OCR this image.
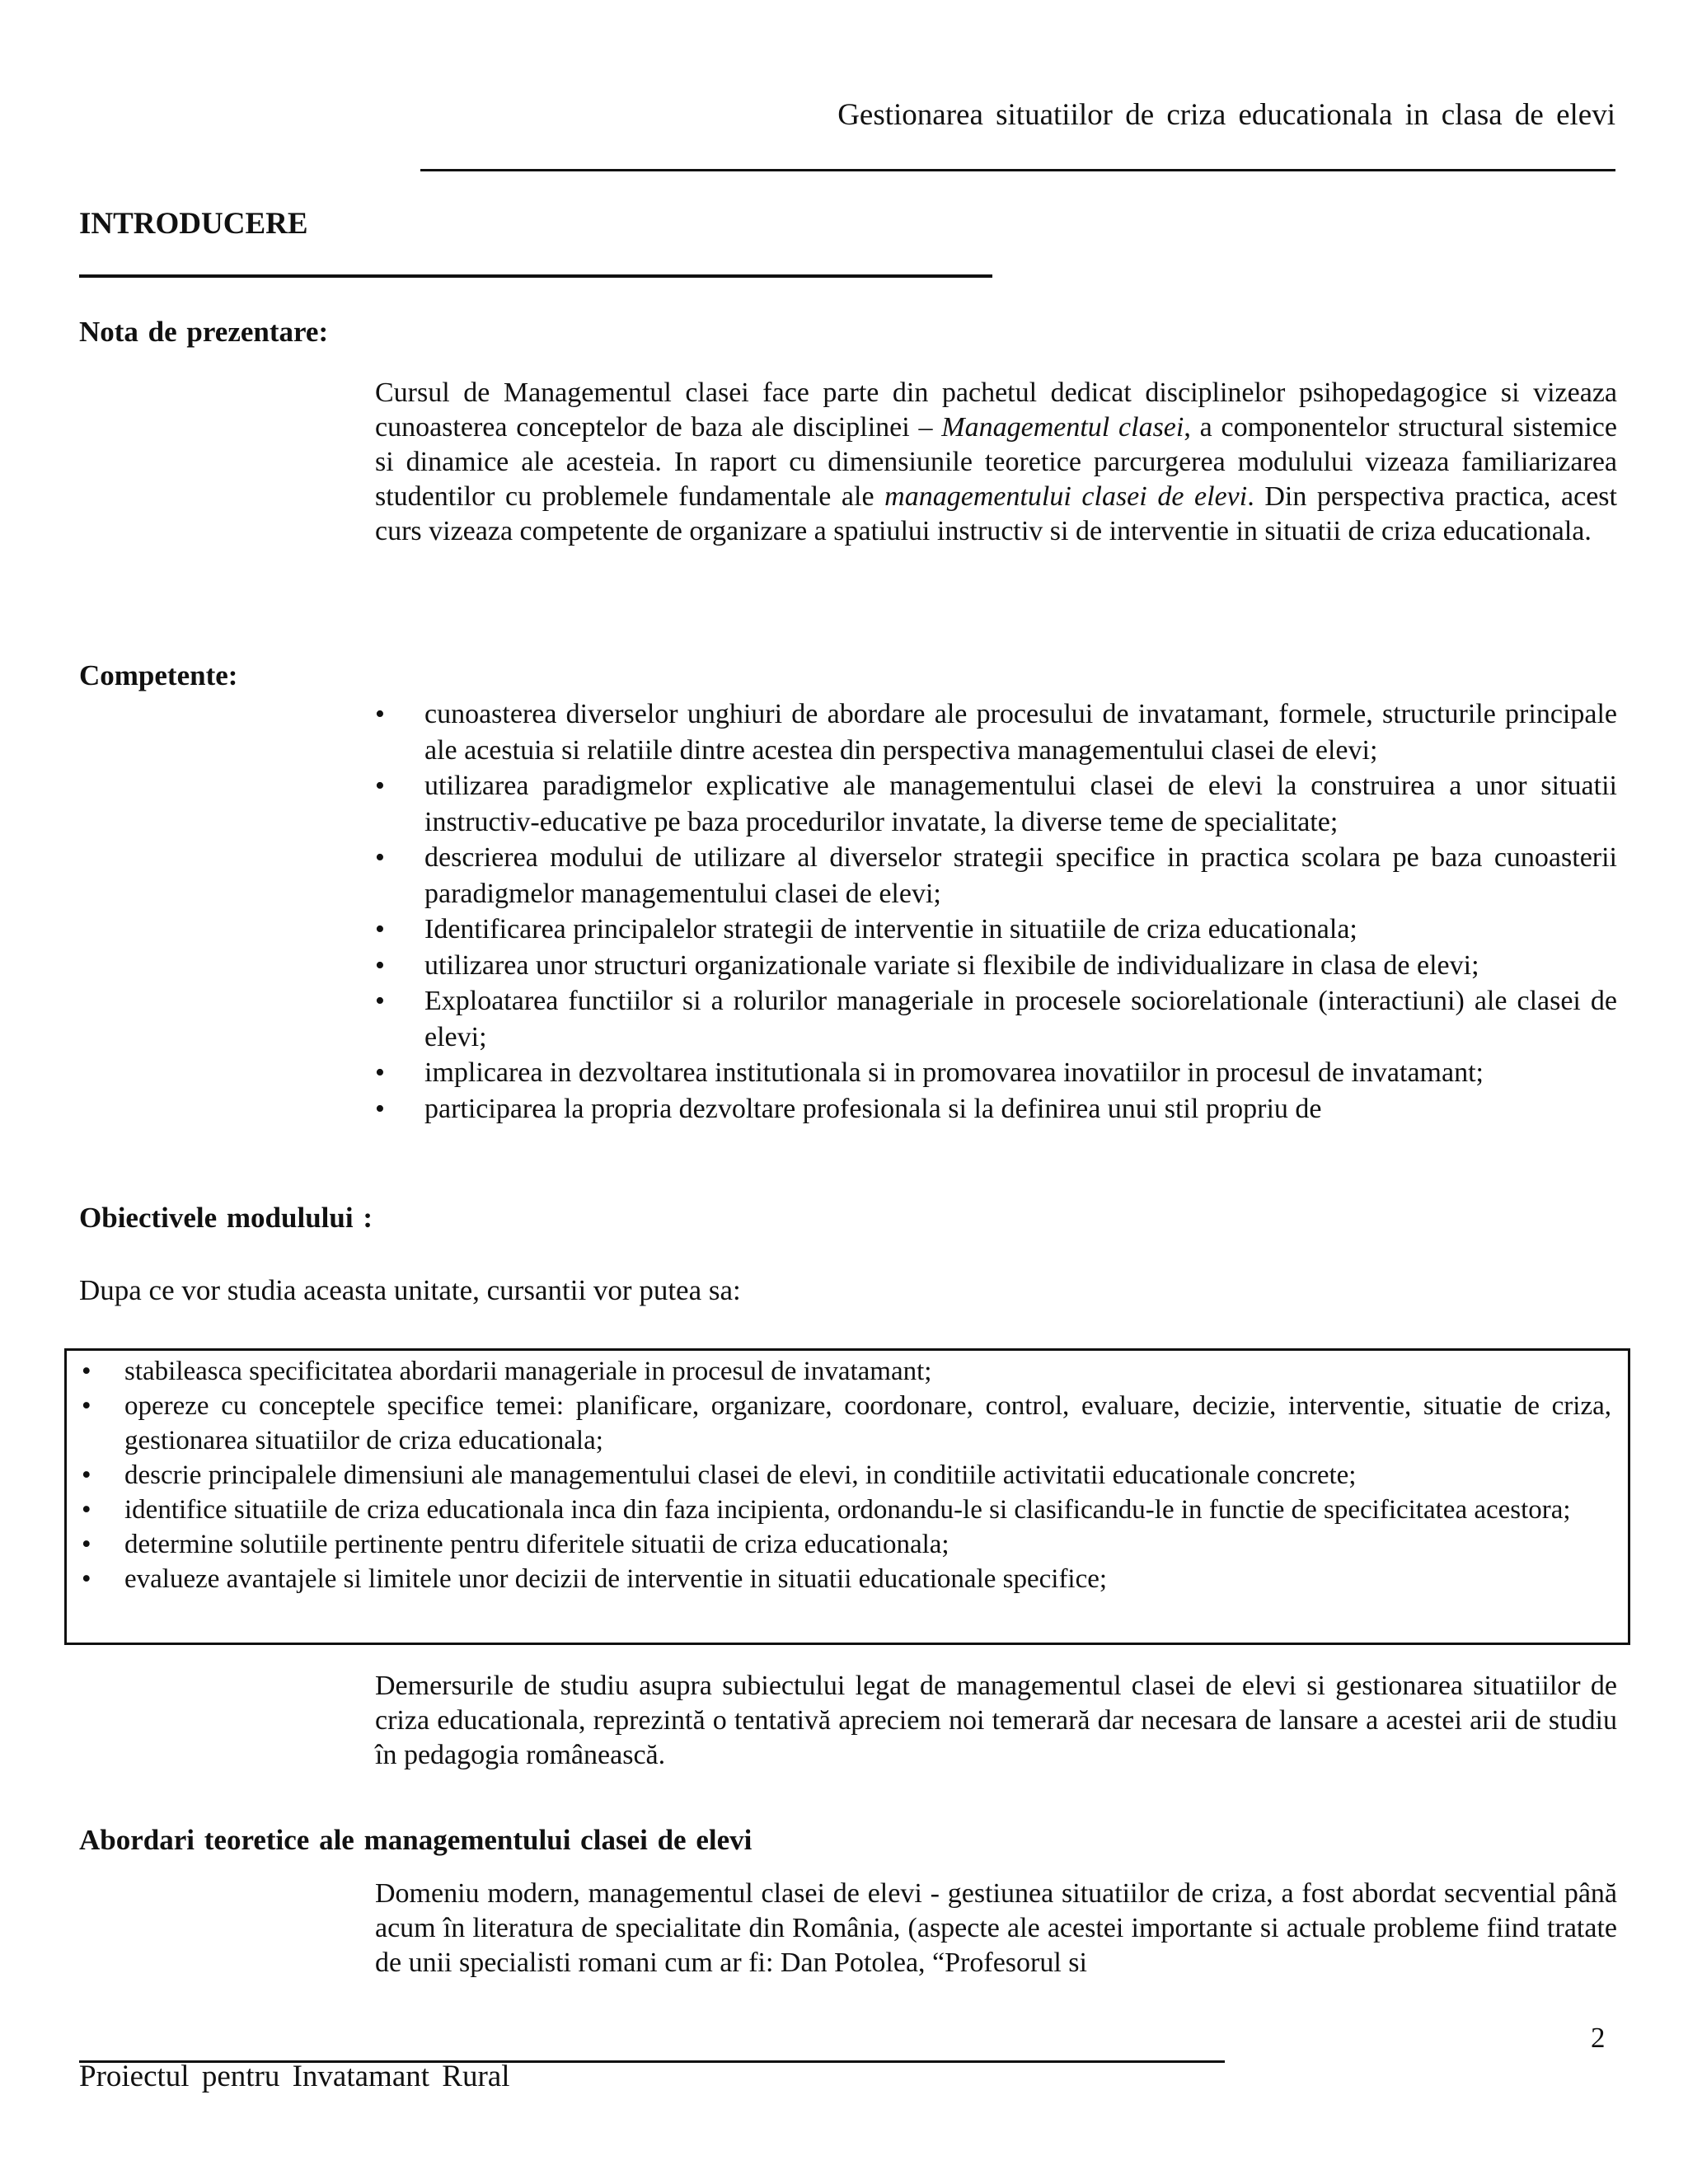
Gestionarea situatiilor de criza educationala in clasa de elevi
INTRODUCERE
Nota de prezentare:
Cursul de Managementul clasei face parte din pachetul dedicat disciplinelor psihopedagogice si vizeaza cunoasterea conceptelor de baza ale disciplinei – Managementul clasei, a componentelor structural sistemice si dinamice ale acesteia. In raport cu dimensiunile teoretice parcurgerea modulului vizeaza familiarizarea studentilor cu problemele fundamentale ale managementului clasei de elevi. Din perspectiva practica, acest curs vizeaza competente de organizare a spatiului instructiv si de interventie in situatii de criza educationala.
Competente:
• cunoasterea diverselor unghiuri de abordare ale procesului de invatamant, formele, structurile principale ale acestuia si relatiile dintre acestea din perspectiva managementului clasei de elevi;
• utilizarea paradigmelor explicative ale managementului clasei de elevi la construirea a unor situatii instructiv-educative pe baza procedurilor invatate, la diverse teme de specialitate;
• descrierea modului de utilizare al diverselor strategii specifice in practica scolara pe baza cunoasterii paradigmelor managementului clasei de elevi;
• Identificarea principalelor strategii de interventie in situatiile de criza educationala;
• utilizarea unor structuri organizationale variate si flexibile de individualizare in clasa de elevi;
• Exploatarea functiilor si a rolurilor manageriale in procesele sociorelationale (interactiuni) ale clasei de elevi;
• implicarea in dezvoltarea institutionala si in promovarea inovatiilor in procesul de invatamant;
• participarea la propria dezvoltare profesionala si la definirea unui stil propriu de
Obiectivele modulului :
Dupa ce vor studia aceasta unitate, cursantii vor putea sa:
• stabileasca specificitatea abordarii manageriale in procesul de invatamant;
• opereze cu conceptele specifice temei: planificare, organizare, coordonare, control, evaluare, decizie, interventie, situatie de criza, gestionarea situatiilor de criza educationala;
• descrie principalele dimensiuni ale managementului clasei de elevi, in conditiile activitatii educationale concrete;
• identifice situatiile de criza educationala inca din faza incipienta, ordonandu-le si clasificandu-le in functie de specificitatea acestora;
• determine solutiile pertinente pentru diferitele situatii de criza educationala;
• evalueze avantajele si limitele unor decizii de interventie in situatii educationale specifice;
Demersurile de studiu asupra subiectului legat de managementul clasei de elevi si gestionarea situatiilor de criza educationala, reprezintă o tentativă apreciem noi temerară dar necesara de lansare a acestei arii de studiu în pedagogia românească.
Abordari teoretice ale managementului clasei de elevi
Domeniu modern, managementul clasei de elevi - gestiunea situatiilor de criza, a fost abordat secvential până acum în literatura de specialitate din România, (aspecte ale acestei importante si actuale probleme fiind tratate de unii specialisti romani cum ar fi: Dan Potolea, “Profesorul si
2
Proiectul pentru Invatamant Rural
